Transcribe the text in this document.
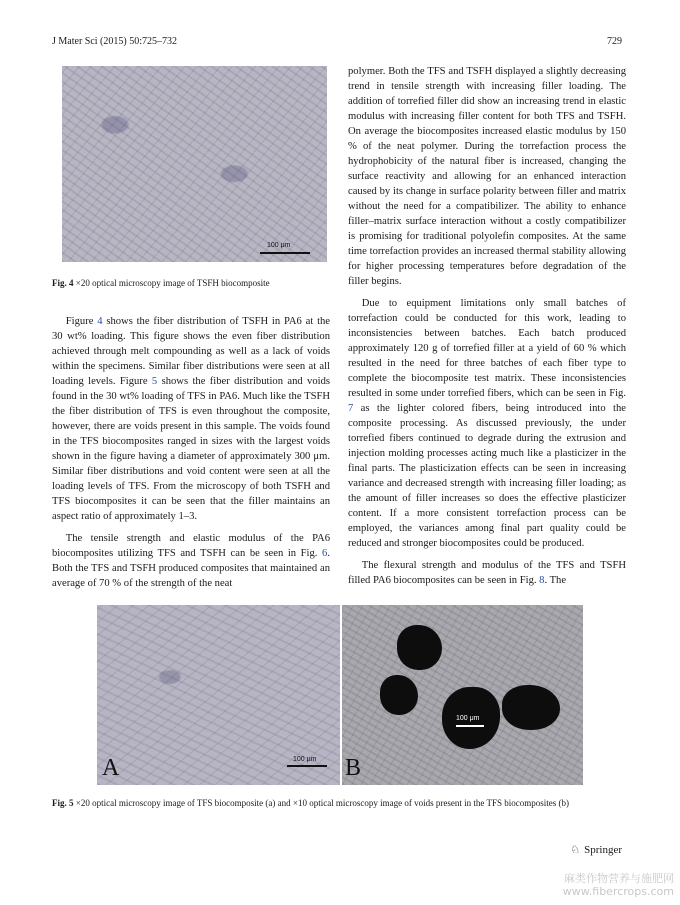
J Mater Sci (2015) 50:725–732	729
100 μm
Fig. 4 ×20 optical microscopy image of TSFH biocomposite

Figure 4 shows the fiber distribution of TSFH in PA6 at the 30 wt% loading. This figure shows the even fiber distribution achieved through melt compounding as well as a lack of voids within the specimens. Similar fiber distributions were seen at all loading levels. Figure 5 shows the fiber distribution and voids found in the 30 wt% loading of TFS in PA6. Much like the TSFH the fiber distribution of TFS is even throughout the composite, however, there are voids present in this sample. The voids found in the TFS biocomposites ranged in sizes with the largest voids shown in the figure having a diameter of approximately 300 μm. Similar fiber distributions and void content were seen at all the loading levels of TFS. From the microscopy of both TSFH and TFS biocomposites it can be seen that the filler maintains an aspect ratio of approximately 1–3.

The tensile strength and elastic modulus of the PA6 biocomposites utilizing TFS and TSFH can be seen in Fig. 6. Both the TFS and TSFH produced composites that maintained an average of 70 % of the strength of the neat

polymer. Both the TFS and TSFH displayed a slightly decreasing trend in tensile strength with increasing filler loading. The addition of torrefied filler did show an increasing trend in elastic modulus with increasing filler content for both TFS and TSFH. On average the biocomposites increased elastic modulus by 150 % of the neat polymer. During the torrefaction process the hydrophobicity of the natural fiber is increased, changing the surface reactivity and allowing for an enhanced interaction caused by its change in surface polarity between filler and matrix without the need for a compatibilizer. The ability to enhance filler–matrix surface interaction without a costly compatibilizer is promising for traditional polyolefin composites. At the same time torrefaction provides an increased thermal stability allowing for higher processing temperatures before degradation of the filler begins.

Due to equipment limitations only small batches of torrefaction could be conducted for this work, leading to inconsistencies between batches. Each batch produced approximately 120 g of torrefied filler at a yield of 60 % which resulted in the need for three batches of each fiber type to complete the biocomposite test matrix. These inconsistencies resulted in some under torrefied fibers, which can be seen in Fig. 7 as the lighter colored fibers, being introduced into the composite processing. As discussed previously, the under torrefied fibers continued to degrade during the extrusion and injection molding processes acting much like a plasticizer in the final parts. The plasticization effects can be seen in increasing variance and decreased strength with increasing filler loading; as the amount of filler increases so does the effective plasticizer content. If a more consistent torrefaction process can be employed, the variances among final part quality could be reduced and stronger biocomposites could be produced.

The flexural strength and modulus of the TFS and TSFH filled PA6 biocomposites can be seen in Fig. 8. The

100 μm
A
100 μm
B
Fig. 5 ×20 optical microscopy image of TFS biocomposite (a) and ×10 optical microscopy image of voids present in the TFS biocomposites (b)
♘ Springer
麻类作物营养与施肥网
www.fibercrops.com
